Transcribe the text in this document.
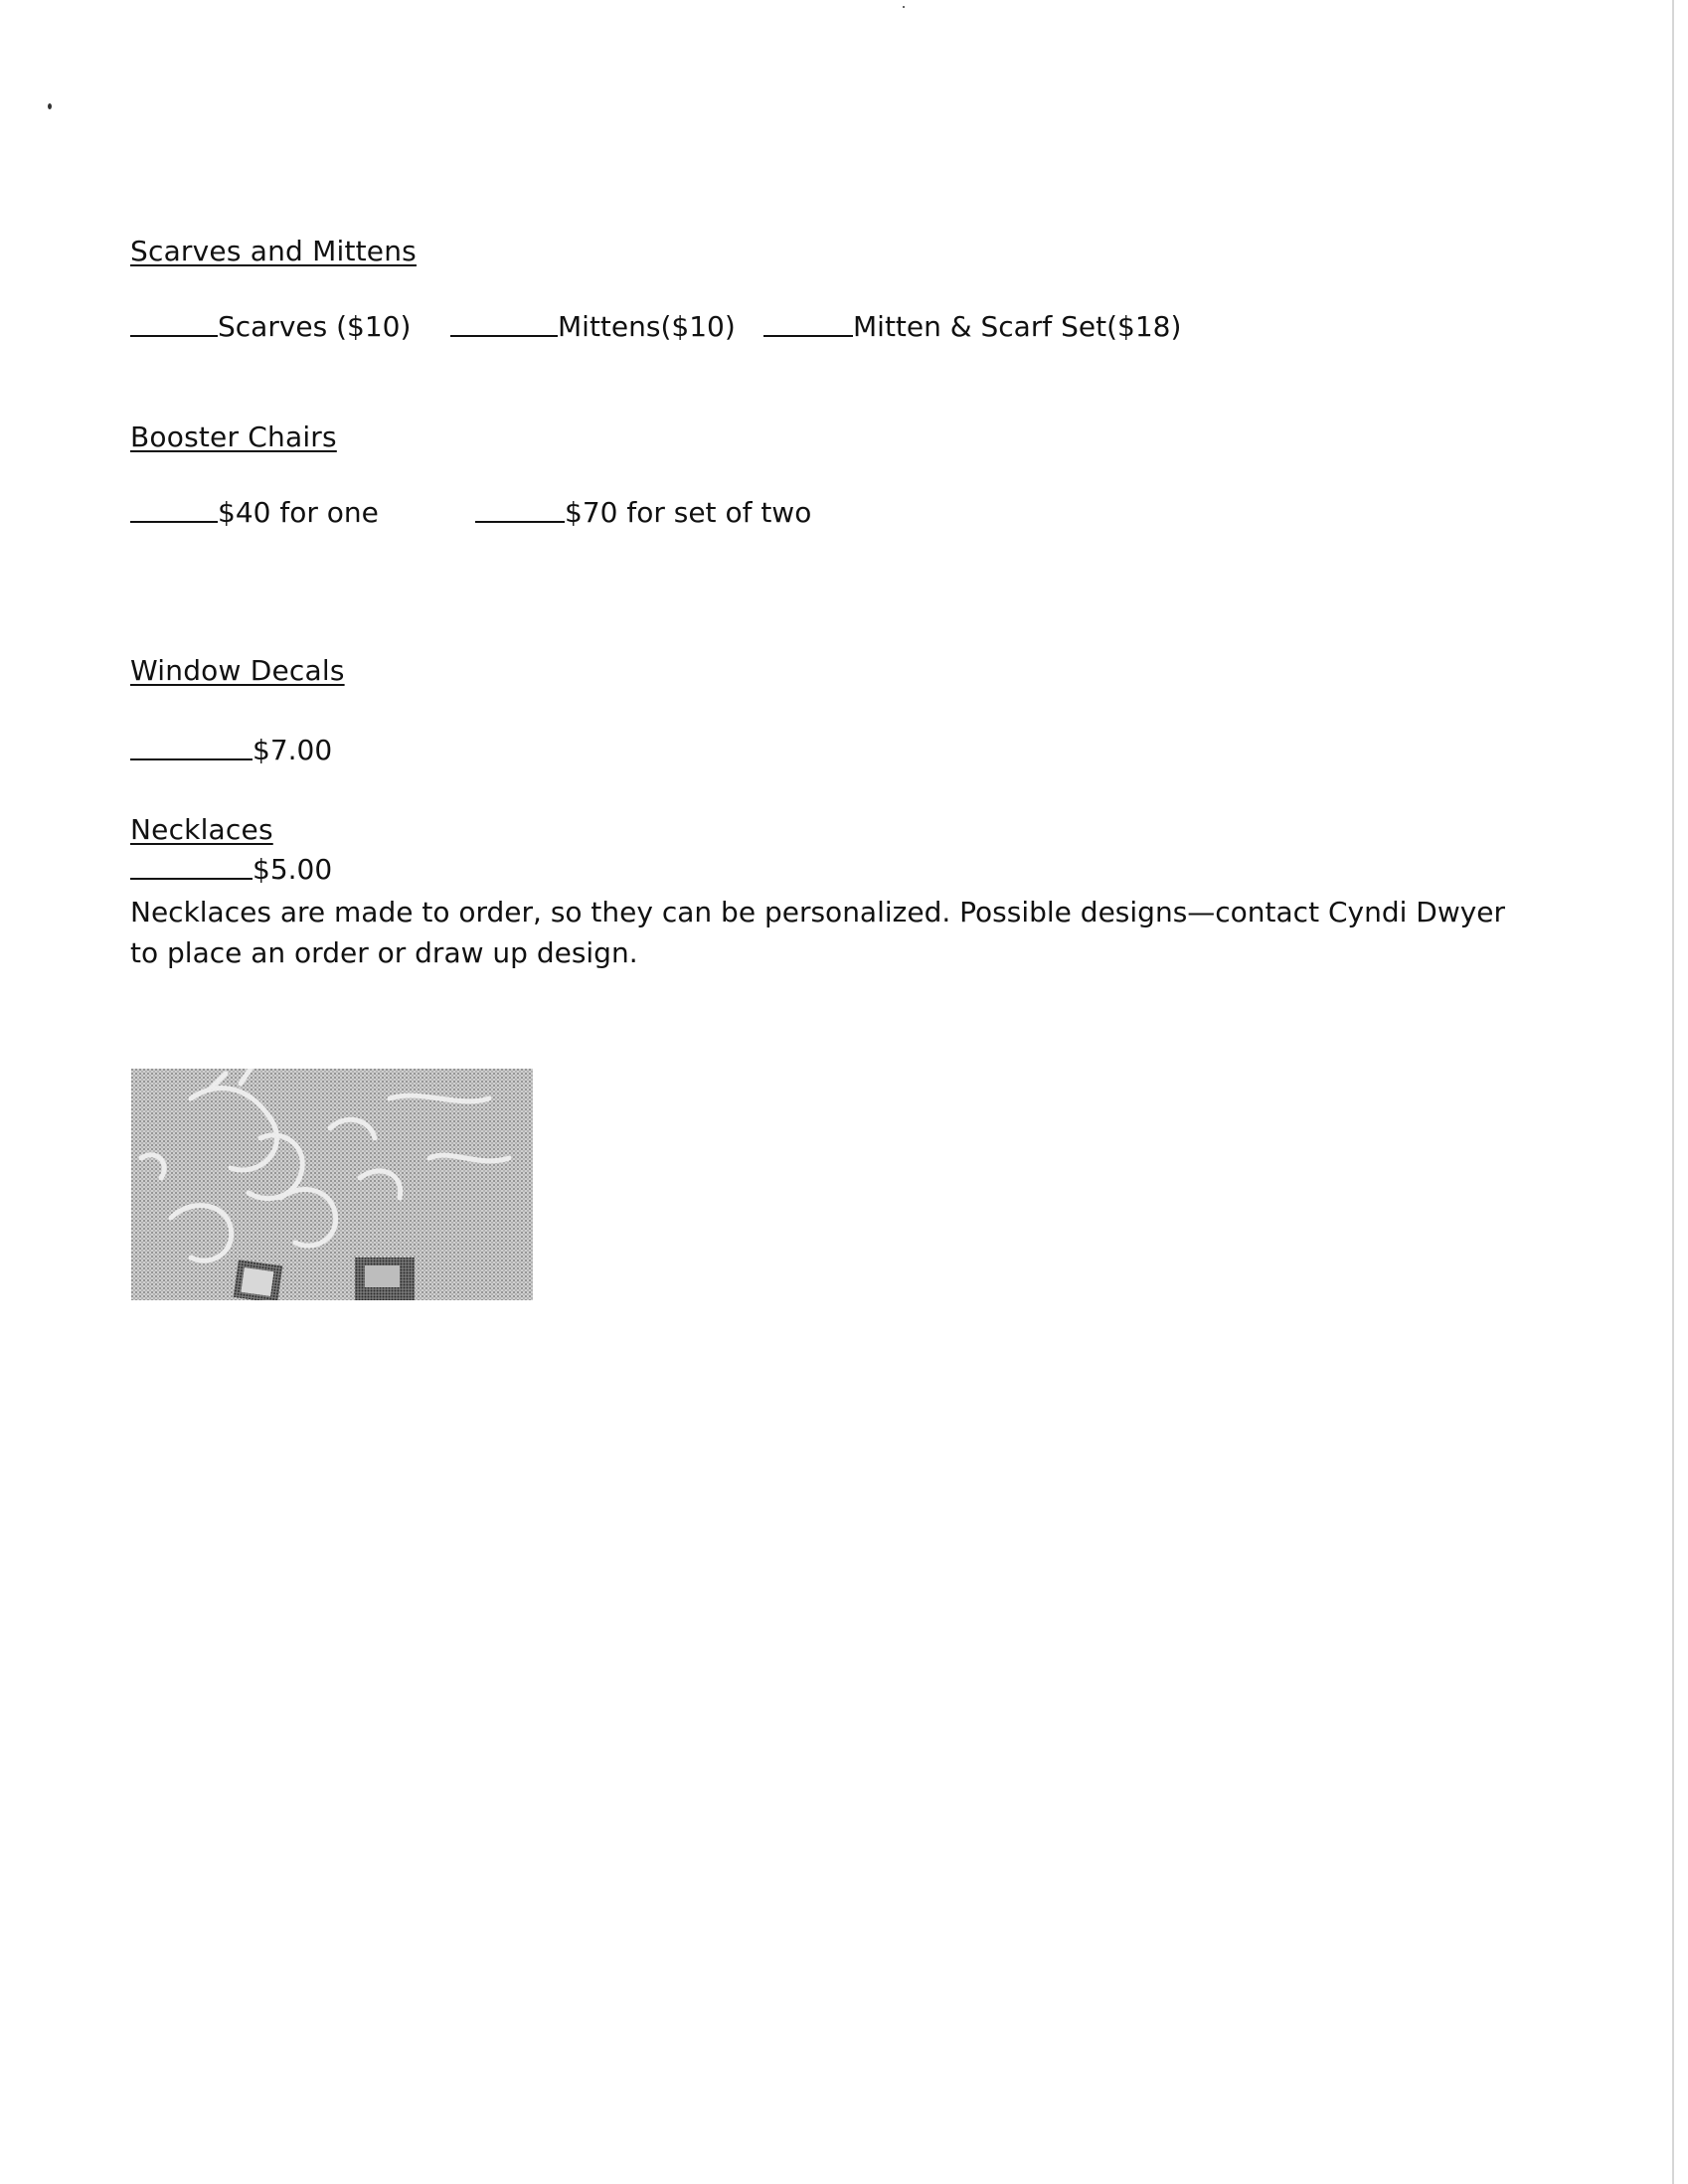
Scarves and Mittens
Scarves ($10)	Mittens($10)	Mitten & Scarf Set($18)
Booster Chairs
$40 for one	$70 for set of two
Window Decals
$7.00
Necklaces
$5.00
Necklaces are made to order, so they can be personalized. Possible designs—contact Cyndi Dwyer to place an order or draw up design.
